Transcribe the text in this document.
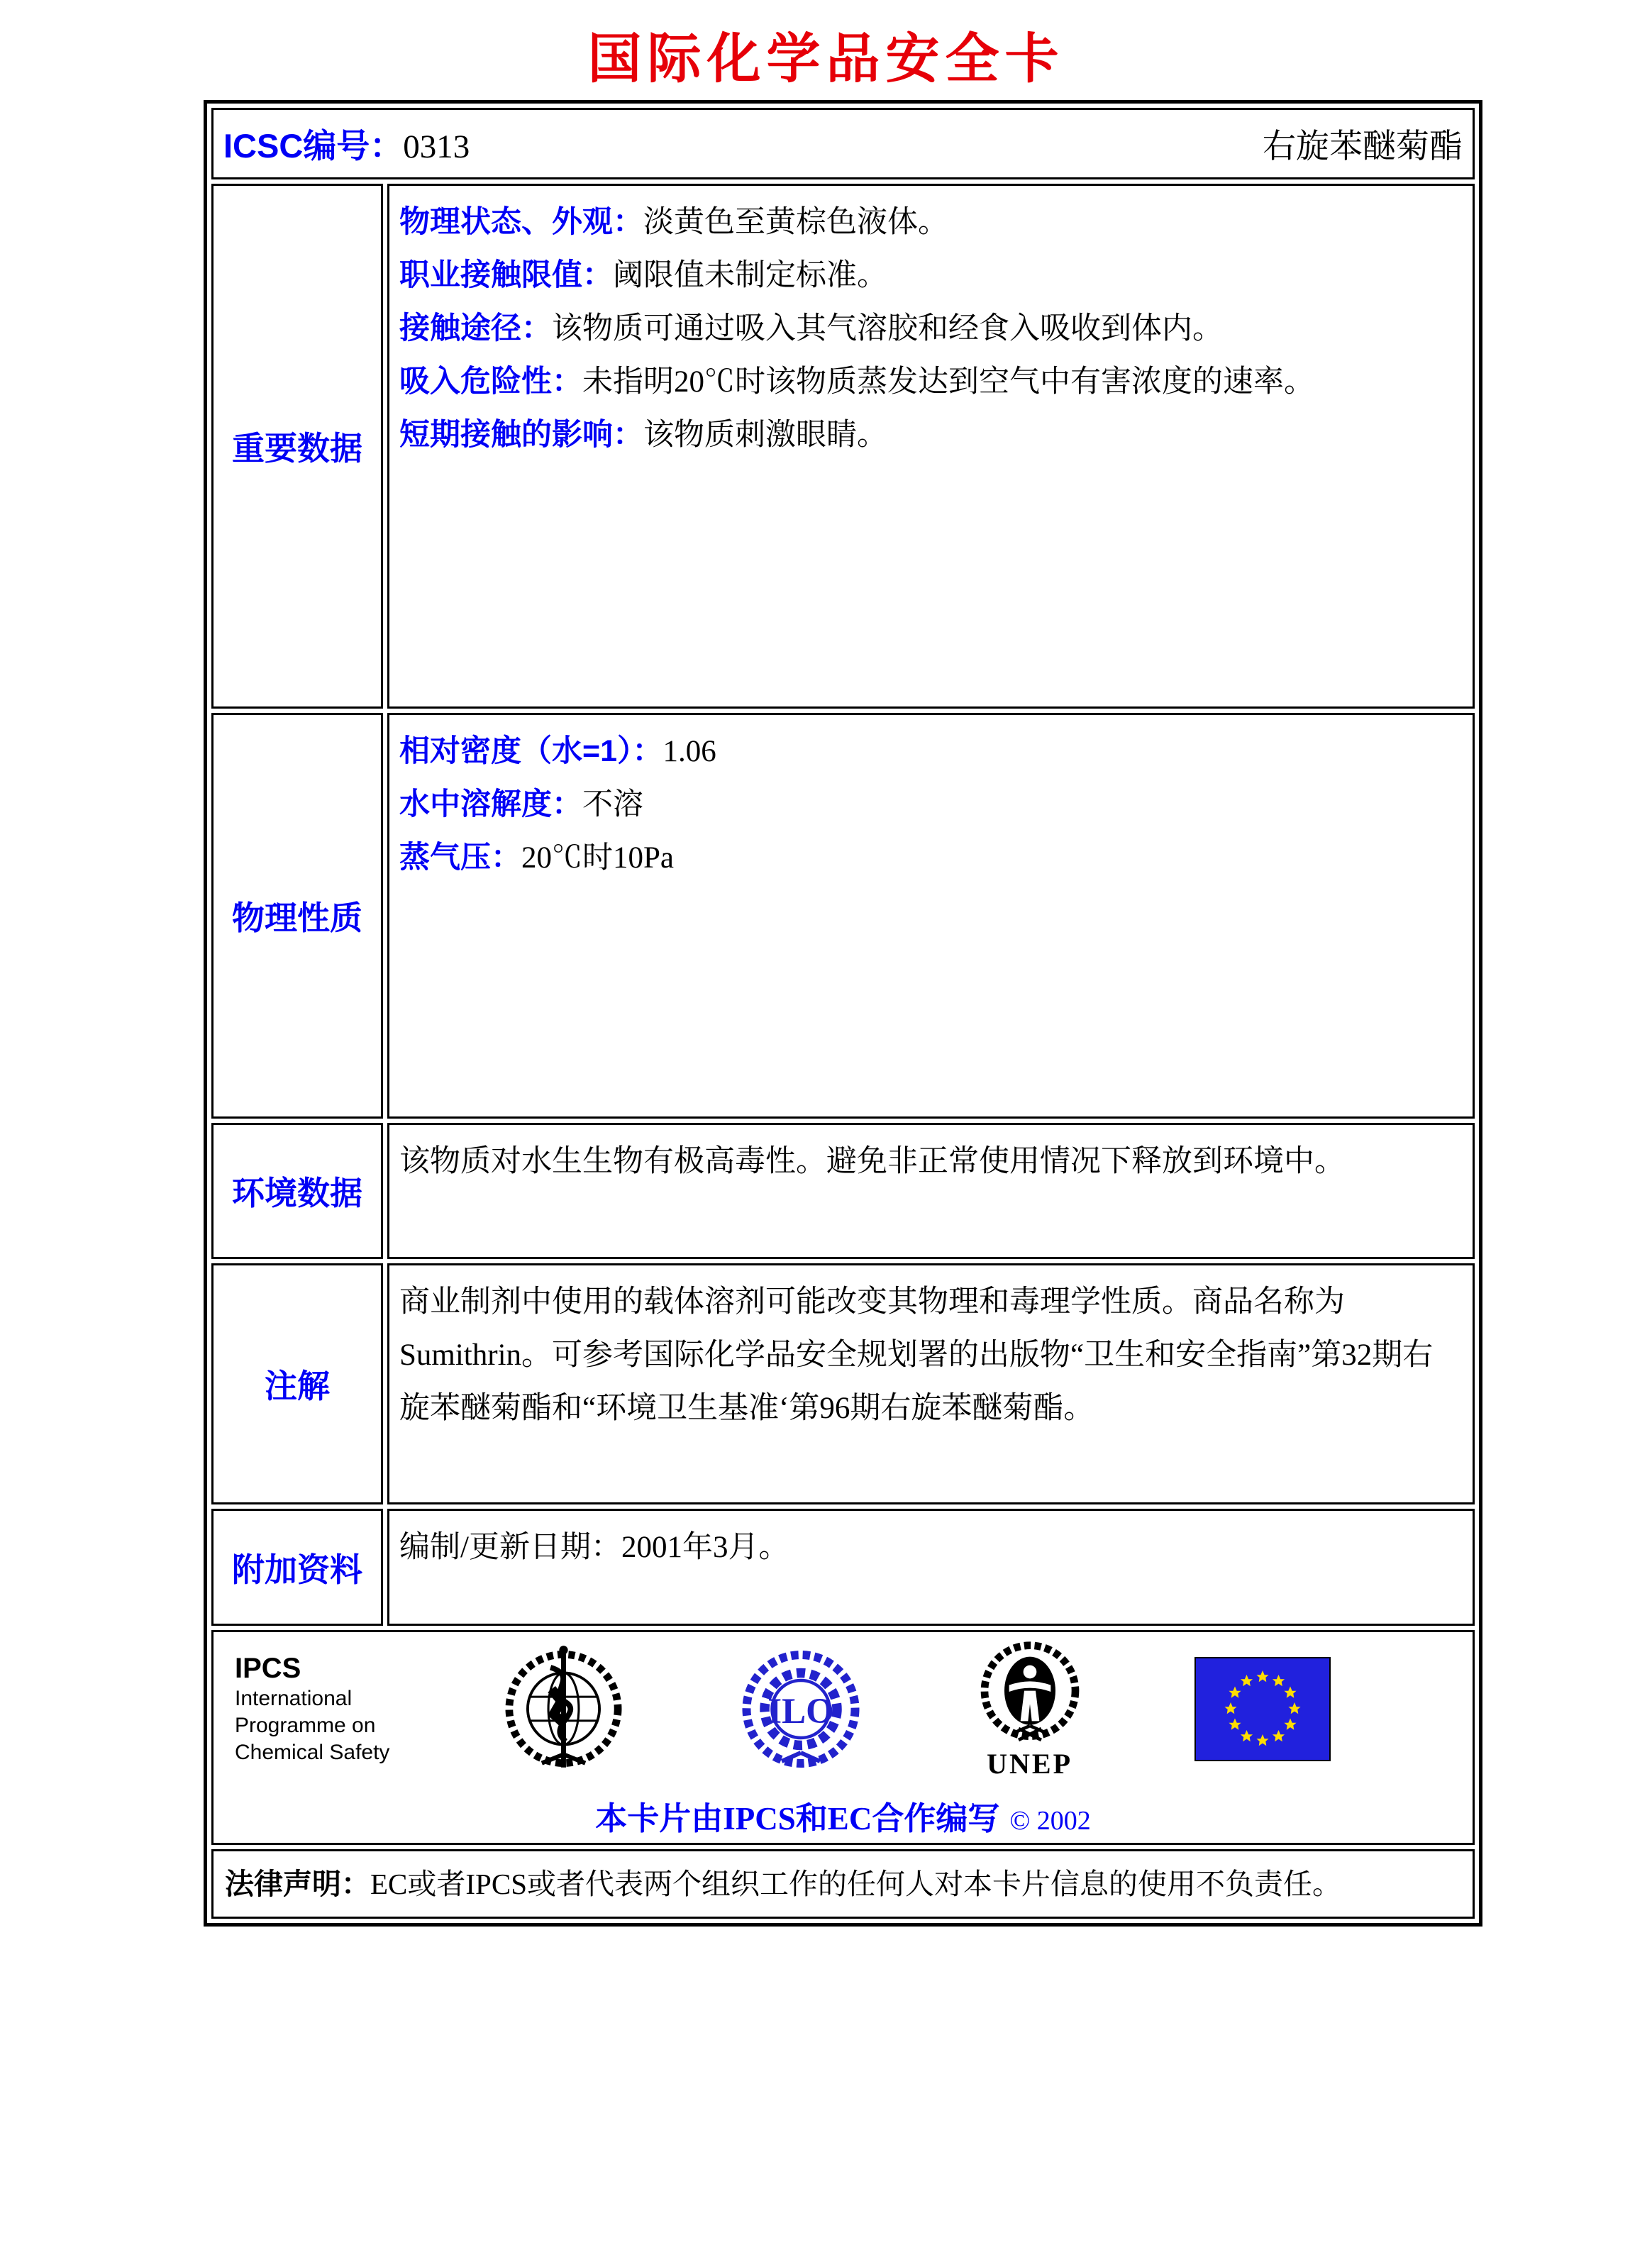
国际化学品安全卡
ICSC编号：0313 右旋苯醚菊酯	

重要数据	物理状态、外观：淡黄色至黄棕色液体。
职业接触限值：阈限值未制定标准。
接触途径：该物质可通过吸入其气溶胶和经食入吸收到体内。
吸入危险性：未指明20℃时该物质蒸发达到空气中有害浓度的速率。
短期接触的影响：该物质刺激眼睛。

物理性质	相对密度（水=1）：1.06
水中溶解度：不溶
蒸气压：20℃时10Pa

环境数据	该物质对水生生物有极高毒性。避免非正常使用情况下释放到环境中。
注解	商业制剂中使用的载体溶剂可能改变其物理和毒理学性质。商品名称为Sumithrin。可参考国际化学品安全规划署的出版物“卫生和安全指南”第32期右旋苯醚菊酯和“环境卫生基准‘第96期右旋苯醚菊酯。
附加资料	编制/更新日期：2001年3月。

IPCS
International
Programme on
Chemical Safety
ILO
UNEP
本卡片由IPCS和EC合作编写 © 2002

法律声明：EC或者IPCS或者代表两个组织工作的任何人对本卡片信息的使用不负责任。	
